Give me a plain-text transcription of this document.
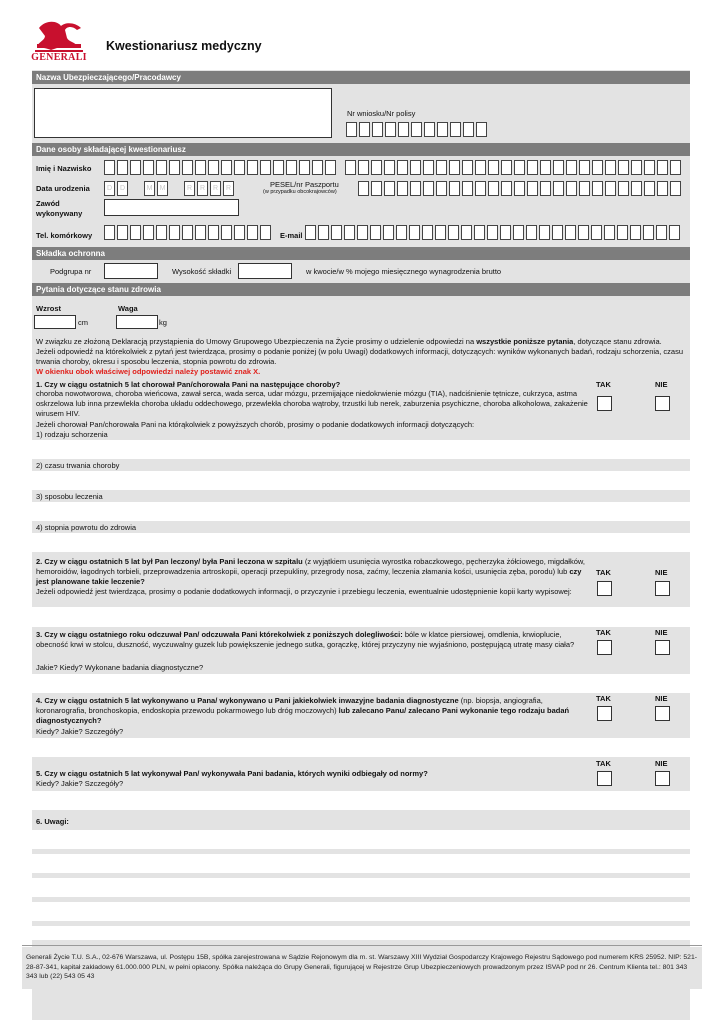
GENERALI
Kwestionariusz medyczny
Nazwa Ubezpieczającego/Pracodawcy
Nr wniosku/Nr polisy
Dane osoby składającej kwestionariusz
Imię i Nazwisko
Data urodzenia	D	D	M	M	R	R	R	R	PESEL/nr Paszportu
(w przypadku obcokrajowców)
Zawód
wykonywany
Tel. komórkowy	E-mail
Składka ochronna
Podgrupa nr	Wysokość składki	w kwocie/w % mojego miesięcznego wynagrodzenia brutto
Pytania dotyczące stanu zdrowia
Wzrost
cm
Waga
kg
W związku ze złożoną Deklaracją przystąpienia do Umowy Grupowego Ubezpieczenia na Życie prosimy o udzielenie odpowiedzi na wszystkie poniższe pytania, dotyczące stanu zdrowia.
Jeżeli odpowiedź na którekolwiek z pytań jest twierdząca, prosimy o podanie poniżej (w polu Uwagi) dodatkowych informacji, dotyczących: wyników wykonanych badań, rodzaju schorzenia, czasu trwania choroby, okresu i sposobu leczenia, stopnia powrotu do zdrowia.
W okienku obok właściwej odpowiedzi należy postawić znak X.
1. Czy w ciągu ostatnich 5 lat chorował Pan/chorowała Pani na następujące choroby?
choroba nowotworowa, choroba wieńcowa, zawał serca, wada serca, udar mózgu, przemijające niedokrwienie mózgu (TIA), nadciśnienie tętnicze, cukrzyca, astma oskrzelowa lub inna przewlekła choroba układu oddechowego, przewlekła choroba wątroby, trzustki lub nerek, zaburzenia psychiczne, choroba alkoholowa, zakażenie wirusem HIV.
Jeżeli chorował Pan/chorowała Pani na którąkolwiek z powyższych chorób, prosimy o podanie dodatkowych informacji dotyczących:
TAK	NIE
1) rodzaju schorzenia
2) czasu trwania choroby
3) sposobu leczenia
4) stopnia powrotu do zdrowia
2. Czy w ciągu ostatnich 5 lat był Pan leczony/ była Pani leczona w szpitalu (z wyjątkiem usunięcia wyrostka robaczkowego, pęcherzyka żółciowego, migdałków, hemoroidów, łagodnych torbieli, przeprowadzenia artroskopii, operacji przepukliny, przegrody nosa, zaćmy, leczenia złamania kości, usunięcia zęba, porodu) lub czy jest planowane takie leczenie?
Jeżeli odpowiedź jest twierdząca, prosimy o podanie dodatkowych informacji, o przyczynie i przebiegu leczenia, ewentualnie udostępnienie kopii karty wypisowej:
TAK	NIE
3. Czy w ciągu ostatniego roku odczuwał Pan/ odczuwała Pani którekolwiek z poniższych dolegliwości: bóle w klatce piersiowej, omdlenia, krwioplucie, obecność krwi w stolcu, duszność, wyczuwalny guzek lub powiększenie jednego sutka, gorączkę, której przyczyny nie wyjaśniono, postępującą utratę masy ciała?
Jakie? Kiedy? Wykonane badania diagnostyczne?
TAK	NIE
4. Czy w ciągu ostatnich 5 lat wykonywano u Pana/ wykonywano u Pani jakiekolwiek inwazyjne badania diagnostyczne (np. biopsja, angiografia, koronarografia, bronchoskopia, endoskopia przewodu pokarmowego lub dróg moczowych) lub zalecano Panu/ zalecano Pani wykonanie tego rodzaju badań diagnostycznych?
Kiedy? Jakie? Szczegóły?
TAK	NIE
5. Czy w ciągu ostatnich 5 lat wykonywał Pan/ wykonywała Pani badania, których wyniki odbiegały od normy?
Kiedy? Jakie? Szczegóły?
TAK	NIE
6. Uwagi:
Generali Życie T.U. S.A., 02-676 Warszawa, ul. Postępu 15B, spółka zarejestrowana w Sądzie Rejonowym dla m. st. Warszawy XIII Wydział Gospodarczy Krajowego Rejestru Sądowego pod numerem KRS 25952. NIP: 521-28-87-341, kapitał zakładowy 61.000.000 PLN, w pełni opłacony. Spółka należąca do Grupy Generali, figurującej w Rejestrze Grup Ubezpieczeniowych prowadzonym przez ISVAP pod nr 26. Centrum Klienta tel.: 801 343 343 lub (22) 543 05 43
